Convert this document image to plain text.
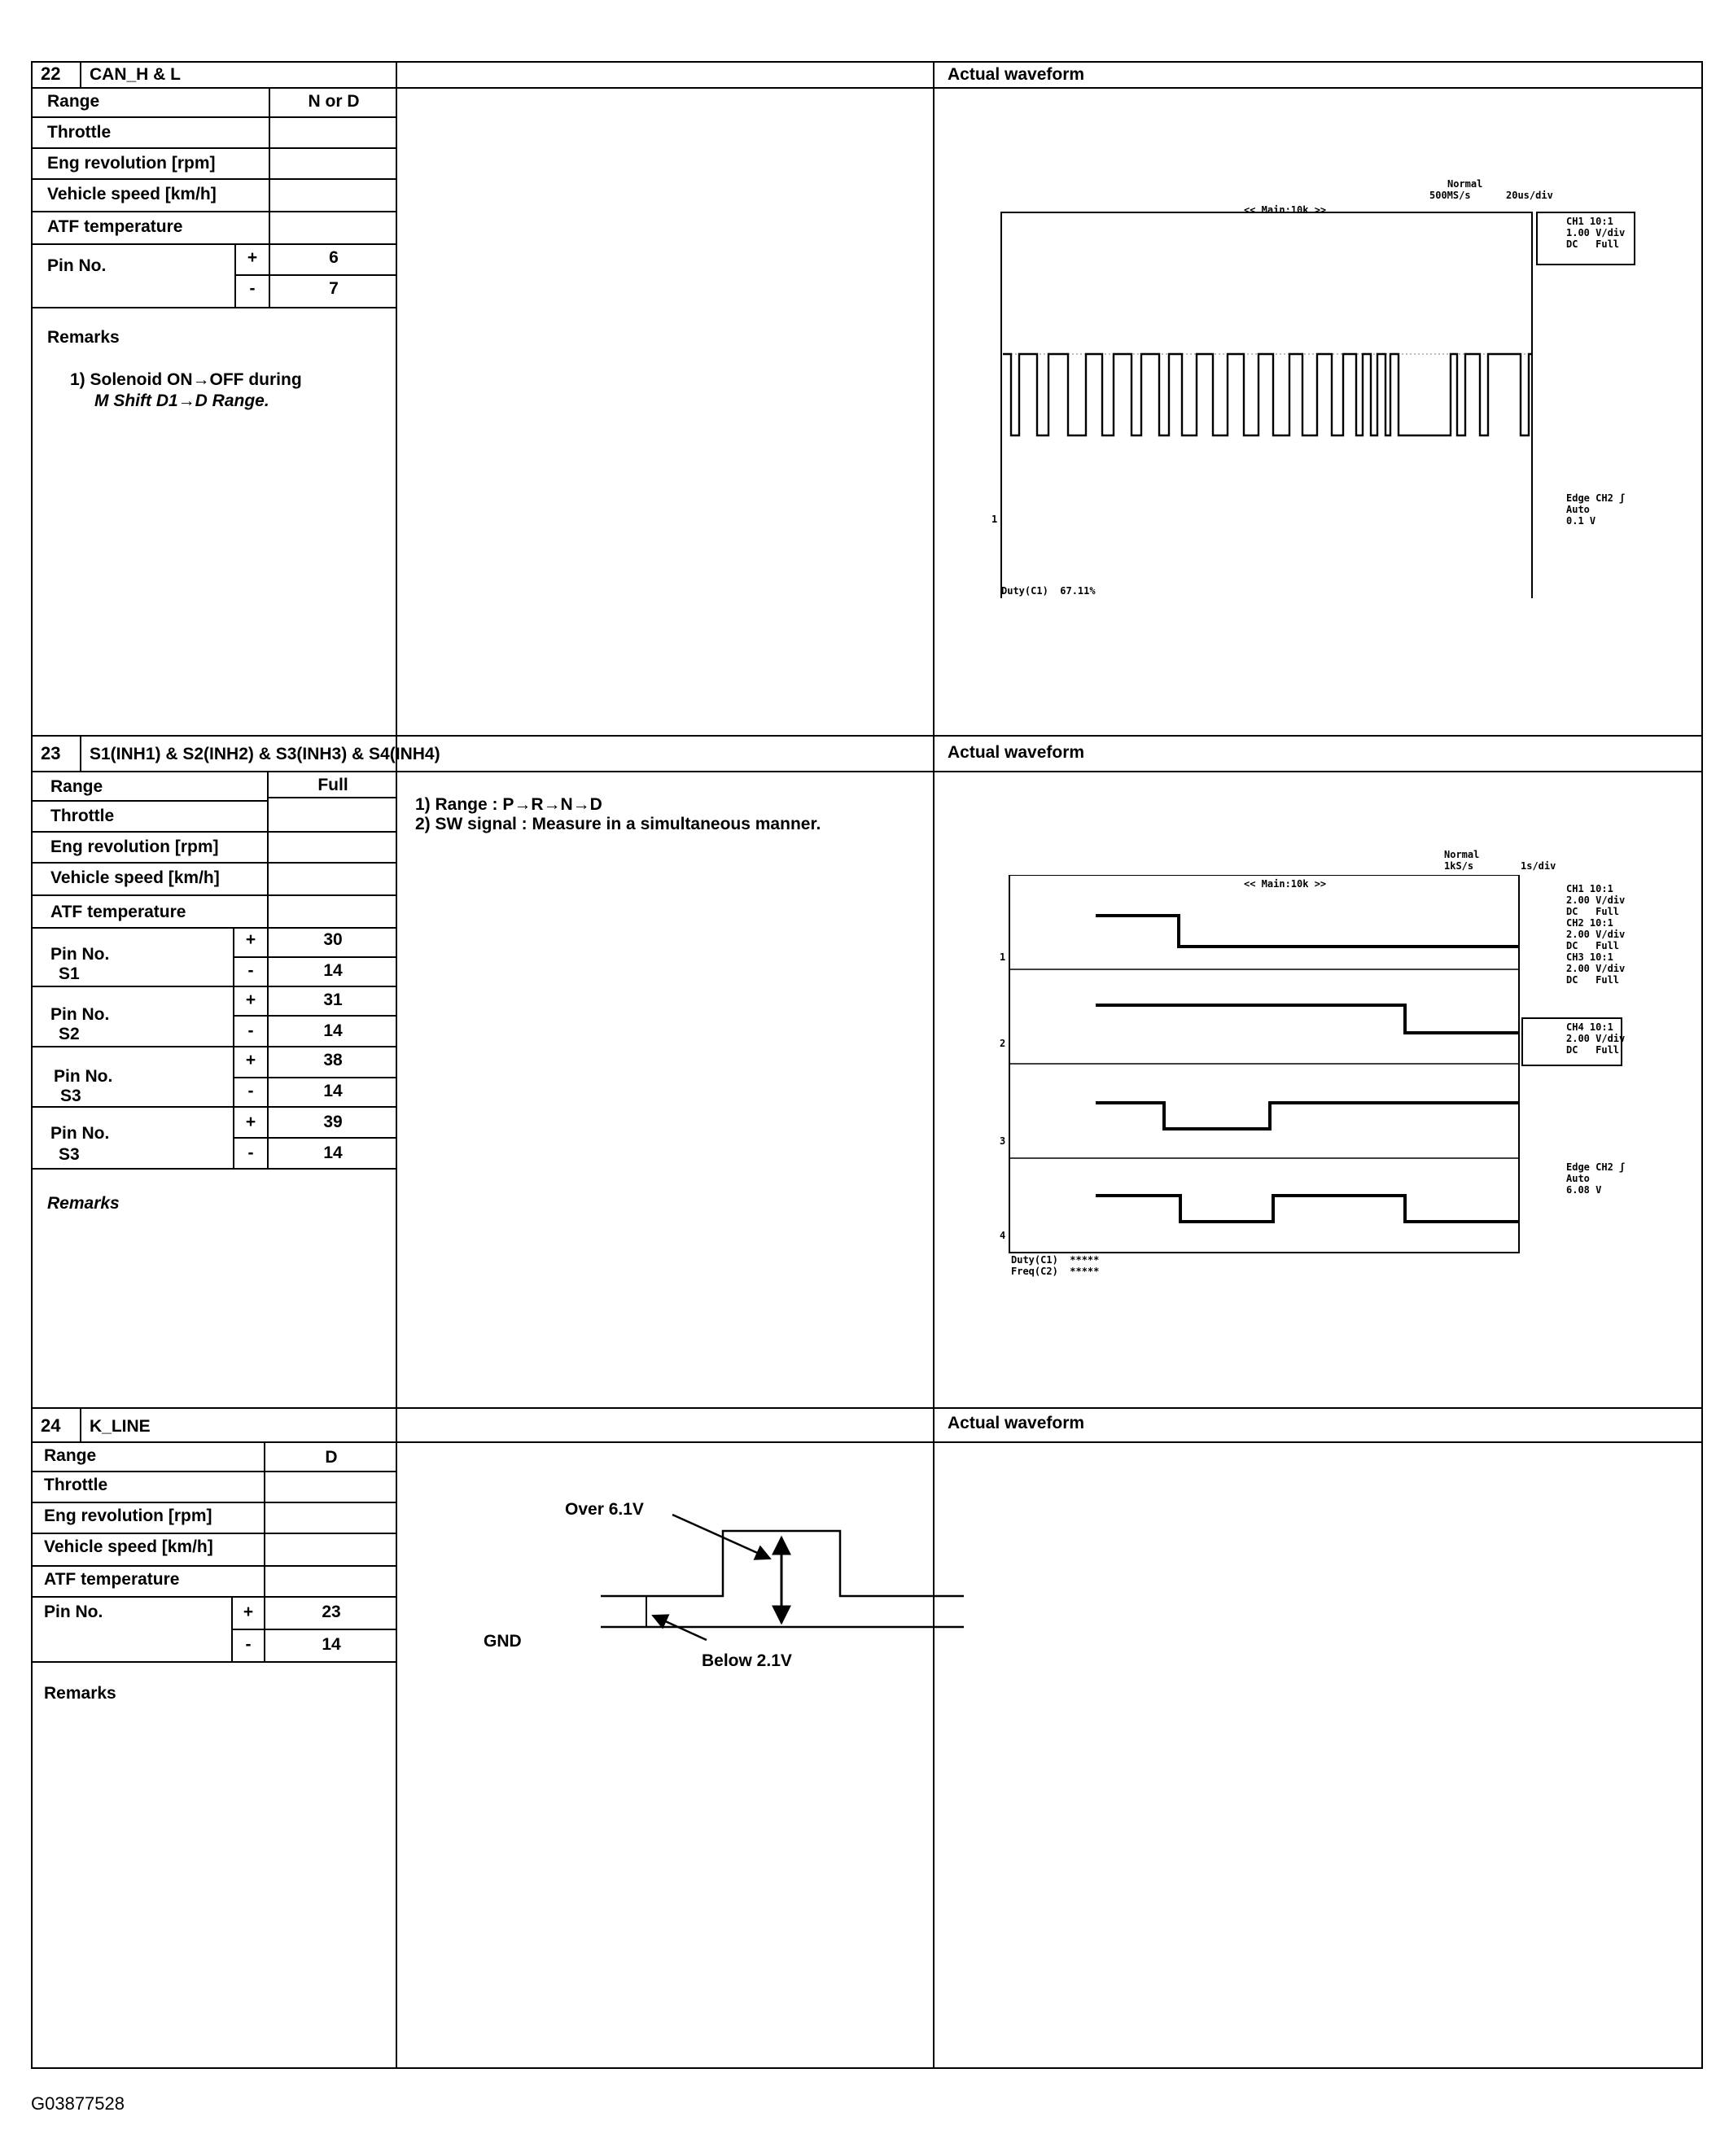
22 CAN_H & L	Actual waveform
Range	N or D
Throttle
Eng revolution [rpm]
Vehicle speed [km/h]
ATF temperature
Pin No.	+	6
-	7
Remarks
1) Solenoid ON→OFF during
M Shift D1→D Range.
Normal
500MS/s	20us/div
<< Main:10k >>
CH1 10:1
1.00 V/div
DC   Full
Edge CH2 ʃ
Auto
0.1 V
Duty(C1)  67.11%
1
23 S1(INH1) & S2(INH2) & S3(INH3) & S4(INH4)	Actual waveform
Range	Full
Throttle
Eng revolution [rpm]
Vehicle speed [km/h]
ATF temperature
Pin No.
S1
+	30
-	14
Pin No.
S2
+	31
-	14
Pin No.
S3
+	38
-	14
Pin No.
S3
+	39
-	14
Remarks
1) Range : P→R→N→D
2) SW signal : Measure in a simultaneous manner.
Normal
1kS/s	1s/div
<< Main:10k >>	CH1 10:1
2.00 V/div
DC   Full
CH2 10:1
2.00 V/div
DC   Full
CH3 10:1
2.00 V/div
DC   Full
CH4 10:1
2.00 V/div
DC   Full
Edge CH2 ʃ
Auto
6.08 V
Duty(C1)  *****
Freq(C2)  *****
1
2
3
4
24 K_LINE	Actual waveform
Range	D
Throttle
Eng revolution [rpm]
Vehicle speed [km/h]
ATF temperature
Pin No.	+	23
-	14
Remarks
Over 6.1V
Below 2.1V
GND
G03877528
